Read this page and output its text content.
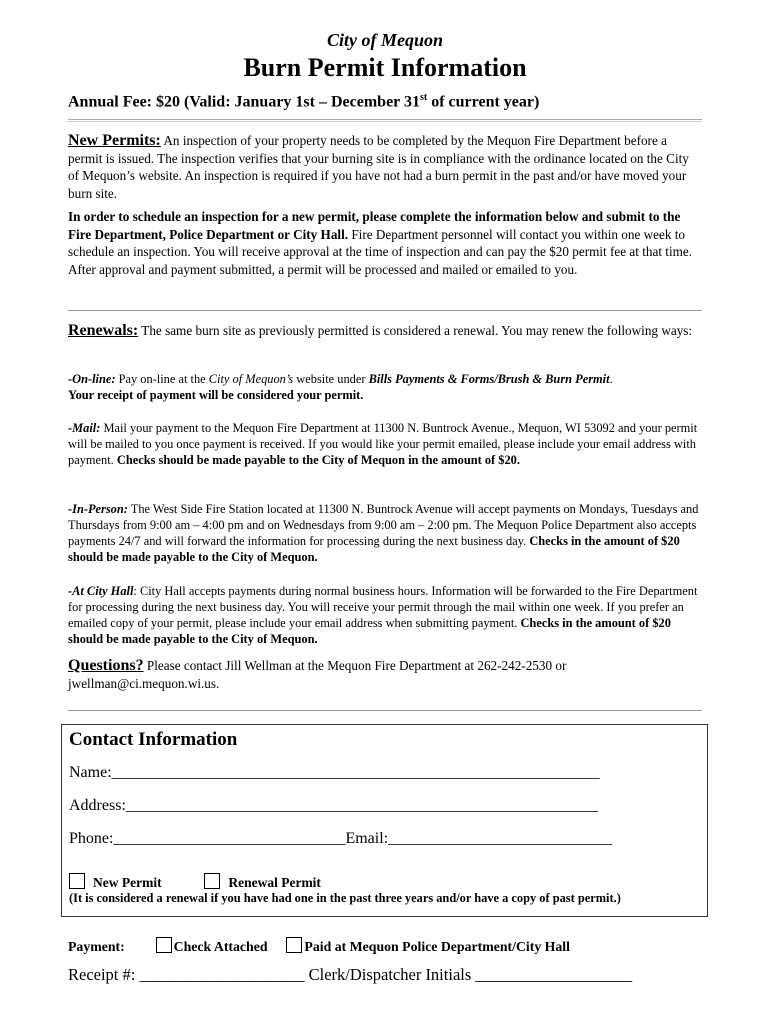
City of Mequon
Burn Permit Information
Annual Fee: $20 (Valid: January 1st – December 31st of current year)

New Permits: An inspection of your property needs to be completed by the Mequon Fire Department before a permit is issued. The inspection verifies that your burning site is in compliance with the ordinance located on the City of Mequon’s website. An inspection is required if you have not had a burn permit in the past and/or have moved your burn site.

In order to schedule an inspection for a new permit, please complete the information below and submit to the Fire Department, Police Department or City Hall. Fire Department personnel will contact you within one week to schedule an inspection. You will receive approval at the time of inspection and can pay the $20 permit fee at that time. After approval and payment submitted, a permit will be processed and mailed or emailed to you.

Renewals: The same burn site as previously permitted is considered a renewal. You may renew the following ways:

-On-line: Pay on-line at the City of Mequon’s website under Bills Payments & Forms/Brush & Burn Permit.
Your receipt of payment will be considered your permit.

-Mail: Mail your payment to the Mequon Fire Department at 11300 N. Buntrock Avenue., Mequon, WI 53092 and your permit will be mailed to you once payment is received. If you would like your permit emailed, please include your email address with payment. Checks should be made payable to the City of Mequon in the amount of $20.

-In-Person: The West Side Fire Station located at 11300 N. Buntrock Avenue will accept payments on Mondays, Tuesdays and Thursdays from 9:00 am – 4:00 pm and on Wednesdays from 9:00 am – 2:00 pm. The Mequon Police Department also accepts payments 24/7 and will forward the information for processing during the next business day. Checks in the amount of $20 should be made payable to the City of Mequon.

-At City Hall: City Hall accepts payments during normal business hours. Information will be forwarded to the Fire Department for processing during the next business day. You will receive your permit through the mail within one week. If you prefer an emailed copy of your permit, please include your email address when submitting payment. Checks in the amount of $20 should be made payable to the City of Mequon.

Questions? Please contact Jill Wellman at the Mequon Fire Department at 262-242-2530 or jwellman@ci.mequon.wi.us.

Contact Information
Name:_____________________________________________________________
Address:___________________________________________________________
Phone:_____________________________Email:____________________________
New Permit	Renewal Permit
(It is considered a renewal if you have had one in the past three years and/or have a copy of past permit.)
Payment:	Check Attached	Paid at Mequon Police Department/City Hall
Receipt #: ____________________ Clerk/Dispatcher Initials ___________________
